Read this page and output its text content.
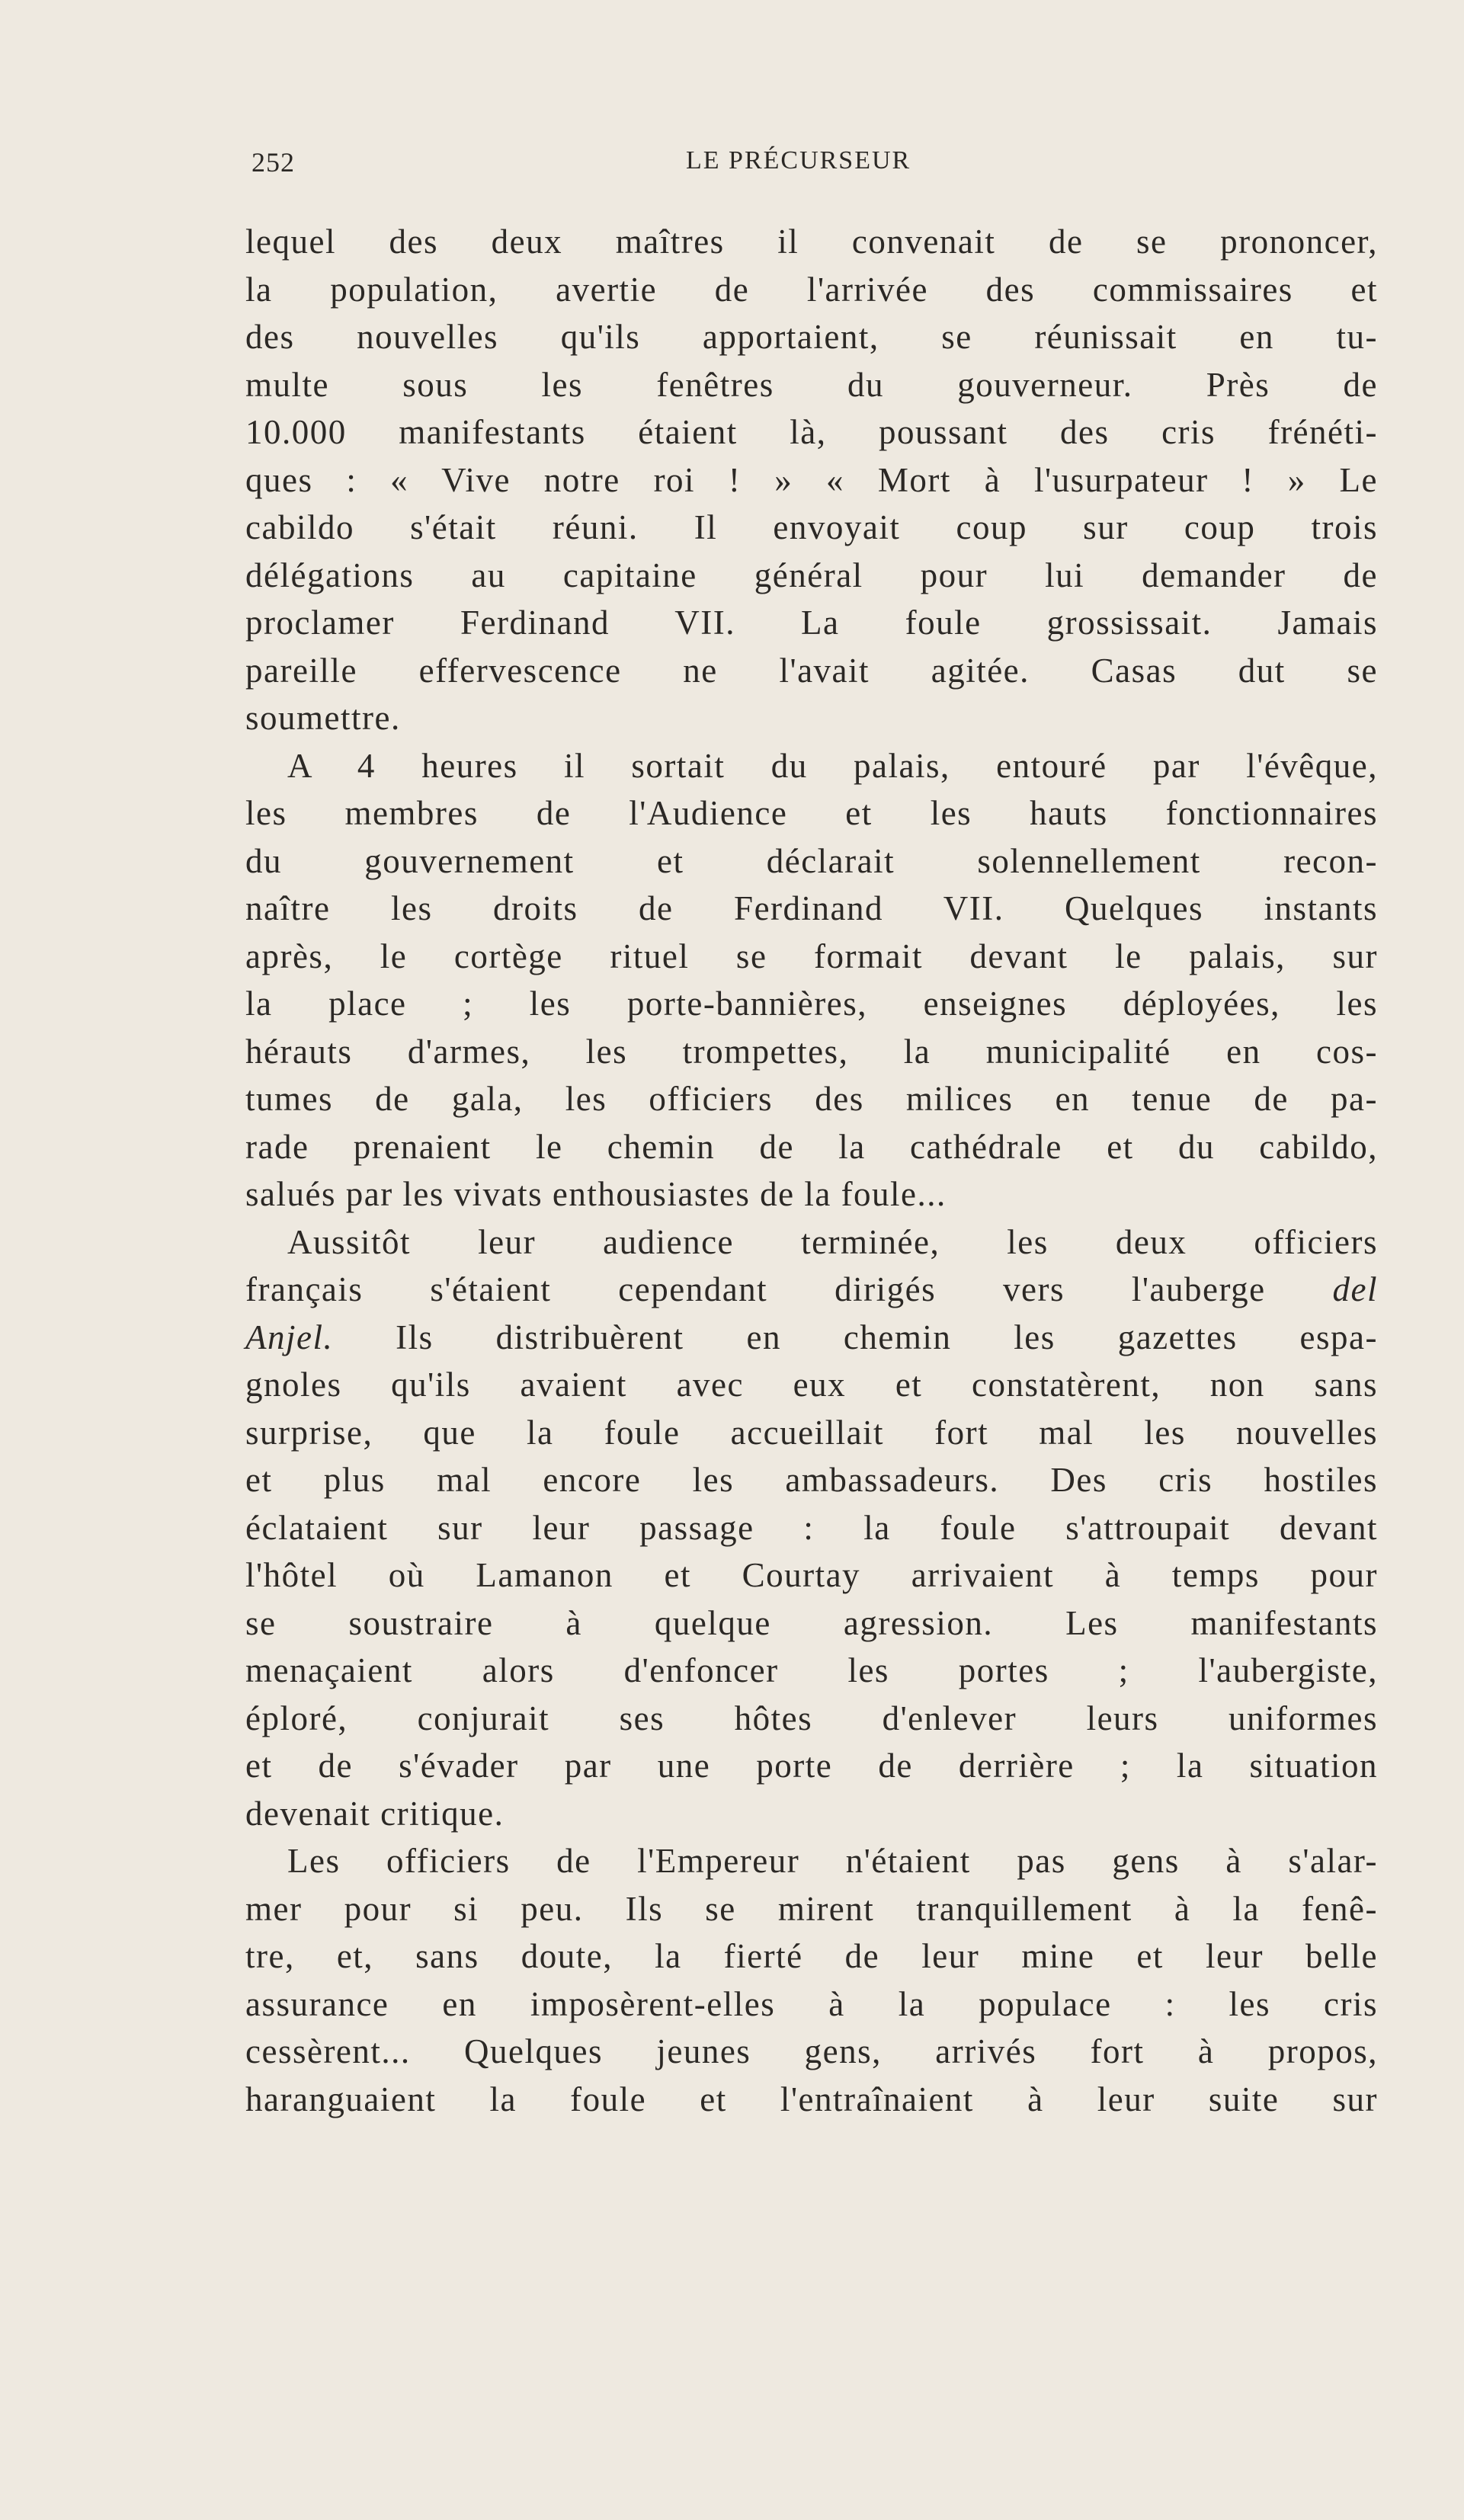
252	LE PRÉCURSEUR
lequel des deux maîtres il convenait de se prononcer,
la population, avertie de l'arrivée des commissaires et
des nouvelles qu'ils apportaient, se réunissait en tu-
multe sous les fenêtres du gouverneur. Près de
10.000 manifestants étaient là, poussant des cris frénéti-
ques : « Vive notre roi ! » « Mort à l'usurpateur ! » Le
cabildo s'était réuni. Il envoyait coup sur coup trois
délégations au capitaine général pour lui demander de
proclamer Ferdinand VII. La foule grossissait. Jamais
pareille effervescence ne l'avait agitée. Casas dut se
soumettre.
A 4 heures il sortait du palais, entouré par l'évêque,
les membres de l'Audience et les hauts fonctionnaires
du gouvernement et déclarait solennellement recon-
naître les droits de Ferdinand VII. Quelques instants
après, le cortège rituel se formait devant le palais, sur
la place ; les porte-bannières, enseignes déployées, les
hérauts d'armes, les trompettes, la municipalité en cos-
tumes de gala, les officiers des milices en tenue de pa-
rade prenaient le chemin de la cathédrale et du cabildo,
salués par les vivats enthousiastes de la foule...
Aussitôt leur audience terminée, les deux officiers
français s'étaient cependant dirigés vers l'auberge del
Anjel. Ils distribuèrent en chemin les gazettes espa-
gnoles qu'ils avaient avec eux et constatèrent, non sans
surprise, que la foule accueillait fort mal les nouvelles
et plus mal encore les ambassadeurs. Des cris hostiles
éclataient sur leur passage : la foule s'attroupait devant
l'hôtel où Lamanon et Courtay arrivaient à temps pour
se soustraire à quelque agression. Les manifestants
menaçaient alors d'enfoncer les portes ; l'aubergiste,
éploré, conjurait ses hôtes d'enlever leurs uniformes
et de s'évader par une porte de derrière ; la situation
devenait critique.
Les officiers de l'Empereur n'étaient pas gens à s'alar-
mer pour si peu. Ils se mirent tranquillement à la fenê-
tre, et, sans doute, la fierté de leur mine et leur belle
assurance en imposèrent-elles à la populace : les cris
cessèrent... Quelques jeunes gens, arrivés fort à propos,
haranguaient la foule et l'entraînaient à leur suite sur
